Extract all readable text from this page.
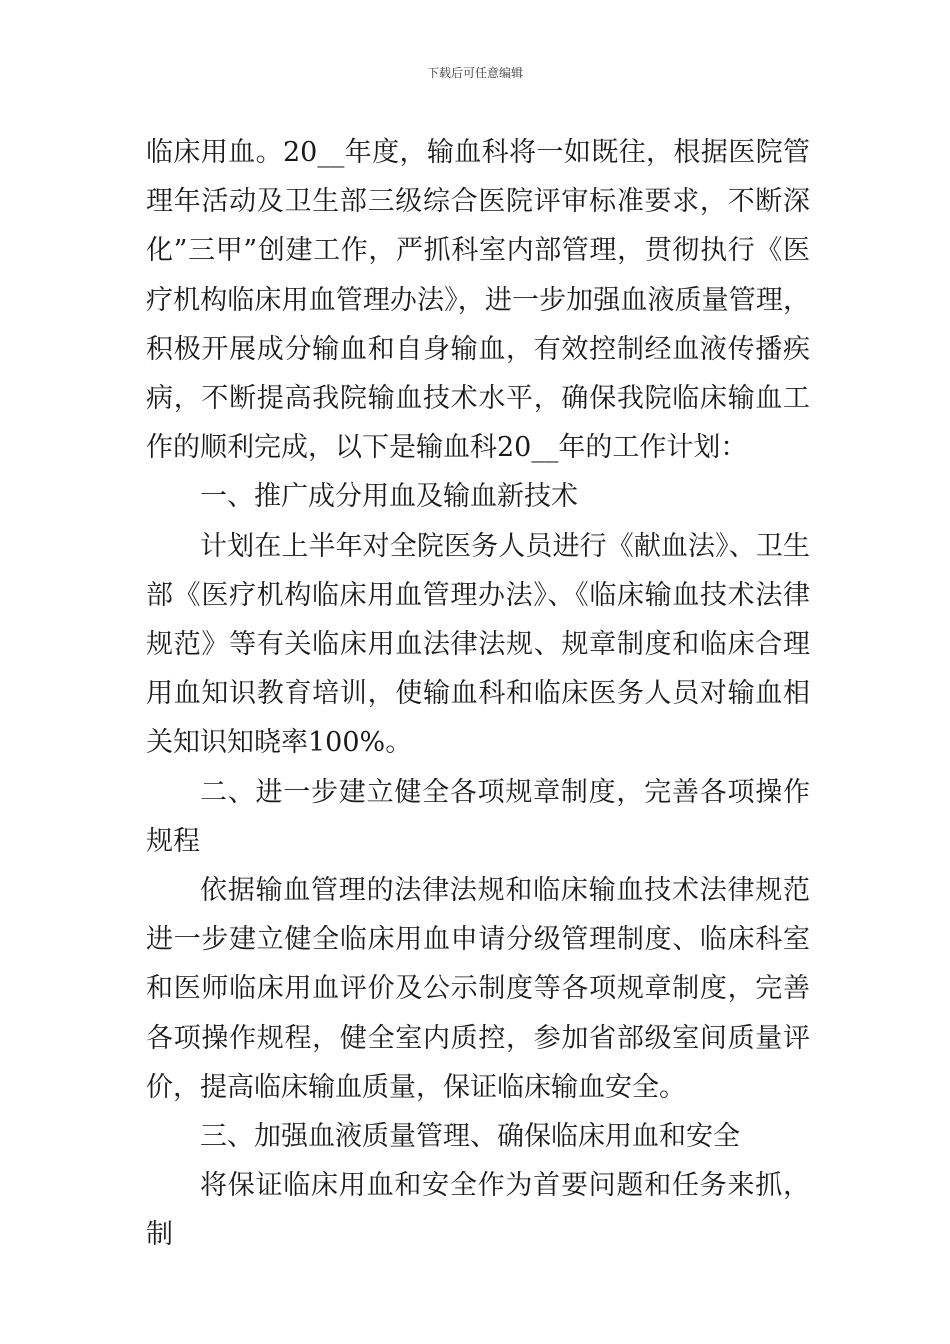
下载后可任意编辑

临床用血。20__年度，输血科将一如既往，根据医院管理年活动及卫生部三级综合医院评审标准要求，不断深化”三甲”创建工作，严抓科室内部管理，贯彻执行《医疗机构临床用血管理办法》，进一步加强血液质量管理，积极开展成分输血和自身输血，有效控制经血液传播疾病，不断提高我院输血技术水平，确保我院临床输血工作的顺利完成，以下是输血科20__年的工作计划：

一、推广成分用血及输血新技术

计划在上半年对全院医务人员进行《献血法》、卫生部《医疗机构临床用血管理办法》、《临床输血技术法律规范》等有关临床用血法律法规、规章制度和临床合理用血知识教育培训，使输血科和临床医务人员对输血相关知识知晓率100%。

二、进一步建立健全各项规章制度，完善各项操作规程

依据输血管理的法律法规和临床输血技术法律规范进一步建立健全临床用血申请分级管理制度、临床科室和医师临床用血评价及公示制度等各项规章制度，完善各项操作规程，健全室内质控，参加省部级室间质量评价，提高临床输血质量，保证临床输血安全。

三、加强血液质量管理、确保临床用血和安全

将保证临床用血和安全作为首要问题和任务来抓，制
